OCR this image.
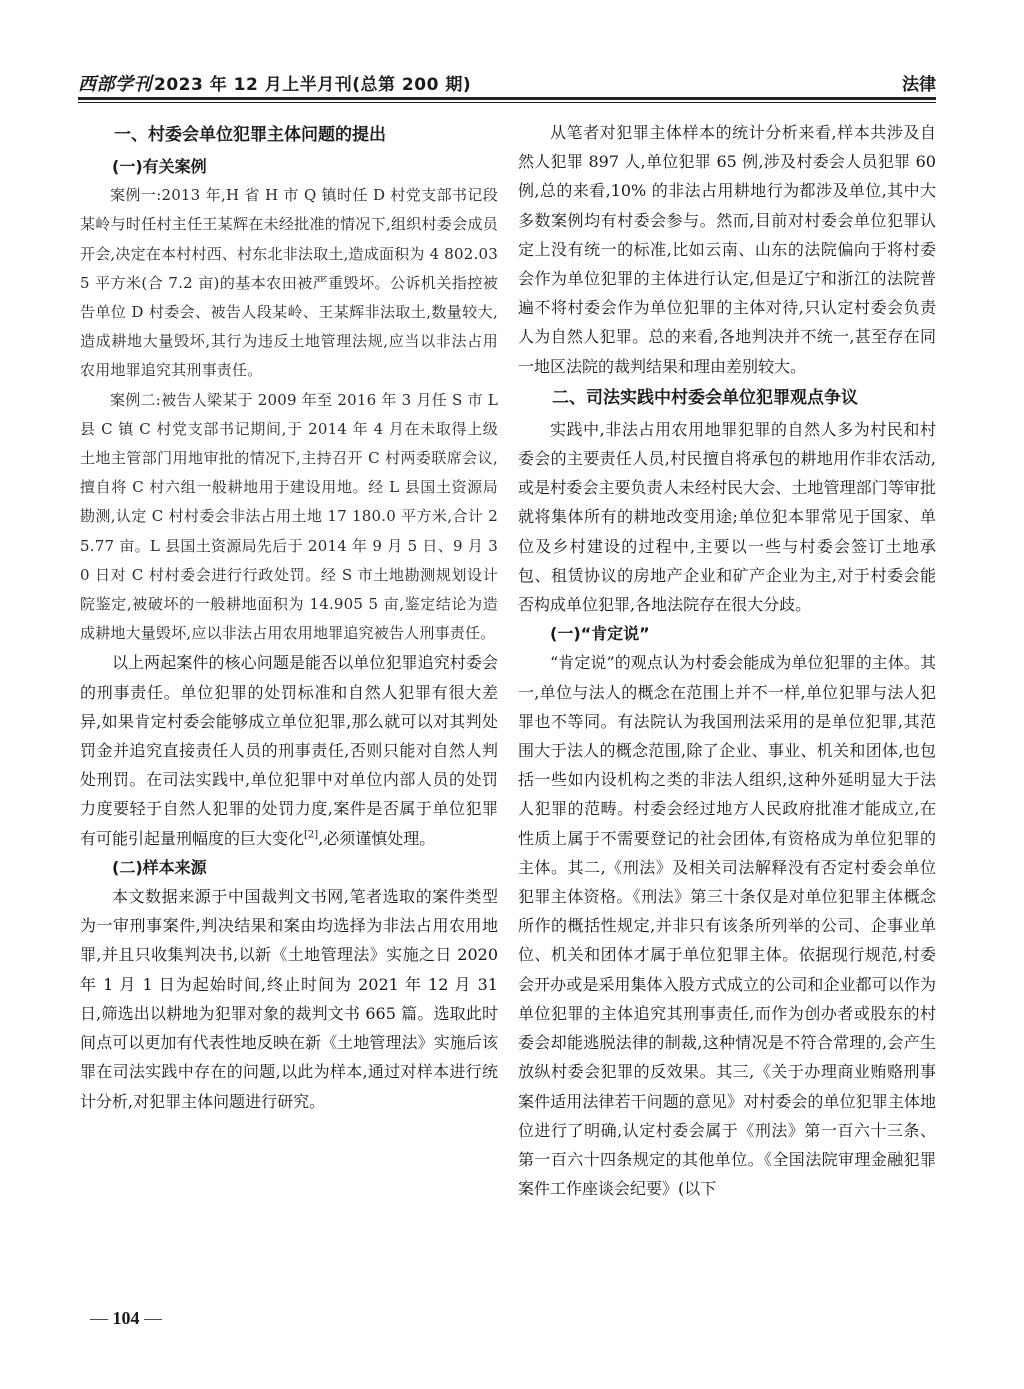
西部学刊 2023 年 12 月上半月刊(总第 200 期)	法律
一、村委会单位犯罪主体问题的提出
(一)有关案例

案例一:2013 年,H 省 H 市 Q 镇时任 D 村党支部书记段某岭与时任村主任王某辉在未经批准的情况下,组织村委会成员开会,决定在本村村西、村东北非法取土,造成面积为 4 802.035 平方米(合 7.2 亩)的基本农田被严重毁坏。公诉机关指控被告单位 D 村委会、被告人段某岭、王某辉非法取土,数量较大,造成耕地大量毁坏,其行为违反土地管理法规,应当以非法占用农用地罪追究其刑事责任。

案例二:被告人梁某于 2009 年至 2016 年 3 月任 S 市 L 县 C 镇 C 村党支部书记期间,于 2014 年 4 月在未取得上级土地主管部门用地审批的情况下,主持召开 C 村两委联席会议,擅自将 C 村六组一般耕地用于建设用地。经 L 县国土资源局勘测,认定 C 村村委会非法占用土地 17 180.0 平方米,合计 25.77 亩。L 县国土资源局先后于 2014 年 9 月 5 日、9 月 30 日对 C 村村委会进行行政处罚。经 S 市土地勘测规划设计院鉴定,被破坏的一般耕地面积为 14.905 5 亩,鉴定结论为造成耕地大量毁坏,应以非法占用农用地罪追究被告人刑事责任。

以上两起案件的核心问题是能否以单位犯罪追究村委会的刑事责任。单位犯罪的处罚标准和自然人犯罪有很大差异,如果肯定村委会能够成立单位犯罪,那么就可以对其判处罚金并追究直接责任人员的刑事责任,否则只能对自然人判处刑罚。在司法实践中,单位犯罪中对单位内部人员的处罚力度要轻于自然人犯罪的处罚力度,案件是否属于单位犯罪有可能引起量刑幅度的巨大变化[2],必须谨慎处理。

(二)样本来源

本文数据来源于中国裁判文书网,笔者选取的案件类型为一审刑事案件,判决结果和案由均选择为非法占用农用地罪,并且只收集判决书,以新《土地管理法》实施之日 2020 年 1 月 1 日为起始时间,终止时间为 2021 年 12 月 31 日,筛选出以耕地为犯罪对象的裁判文书 665 篇。选取此时间点可以更加有代表性地反映在新《土地管理法》实施后该罪在司法实践中存在的问题,以此为样本,通过对样本进行统计分析,对犯罪主体问题进行研究。

从笔者对犯罪主体样本的统计分析来看,样本共涉及自然人犯罪 897 人,单位犯罪 65 例,涉及村委会人员犯罪 60 例,总的来看,10% 的非法占用耕地行为都涉及单位,其中大多数案例均有村委会参与。然而,目前对村委会单位犯罪认定上没有统一的标准,比如云南、山东的法院偏向于将村委会作为单位犯罪的主体进行认定,但是辽宁和浙江的法院普遍不将村委会作为单位犯罪的主体对待,只认定村委会负责人为自然人犯罪。总的来看,各地判决并不统一,甚至存在同一地区法院的裁判结果和理由差别较大。

二、司法实践中村委会单位犯罪观点争议

实践中,非法占用农用地罪犯罪的自然人多为村民和村委会的主要责任人员,村民擅自将承包的耕地用作非农活动,或是村委会主要负责人未经村民大会、土地管理部门等审批就将集体所有的耕地改变用途;单位犯本罪常见于国家、单位及乡村建设的过程中,主要以一些与村委会签订土地承包、租赁协议的房地产企业和矿产企业为主,对于村委会能否构成单位犯罪,各地法院存在很大分歧。

(一)“肯定说”

“肯定说”的观点认为村委会能成为单位犯罪的主体。其一,单位与法人的概念在范围上并不一样,单位犯罪与法人犯罪也不等同。有法院认为我国刑法采用的是单位犯罪,其范围大于法人的概念范围,除了企业、事业、机关和团体,也包括一些如内设机构之类的非法人组织,这种外延明显大于法人犯罪的范畴。村委会经过地方人民政府批准才能成立,在性质上属于不需要登记的社会团体,有资格成为单位犯罪的主体。其二,《刑法》及相关司法解释没有否定村委会单位犯罪主体资格。《刑法》第三十条仅是对单位犯罪主体概念所作的概括性规定,并非只有该条所列举的公司、企事业单位、机关和团体才属于单位犯罪主体。依据现行规范,村委会开办或是采用集体入股方式成立的公司和企业都可以作为单位犯罪的主体追究其刑事责任,而作为创办者或股东的村委会却能逃脱法律的制裁,这种情况是不符合常理的,会产生放纵村委会犯罪的反效果。其三,《关于办理商业贿赂刑事案件适用法律若干问题的意见》对村委会的单位犯罪主体地位进行了明确,认定村委会属于《刑法》第一百六十三条、第一百六十四条规定的其他单位。《全国法院审理金融犯罪案件工作座谈会纪要》(以下

— 104 —
